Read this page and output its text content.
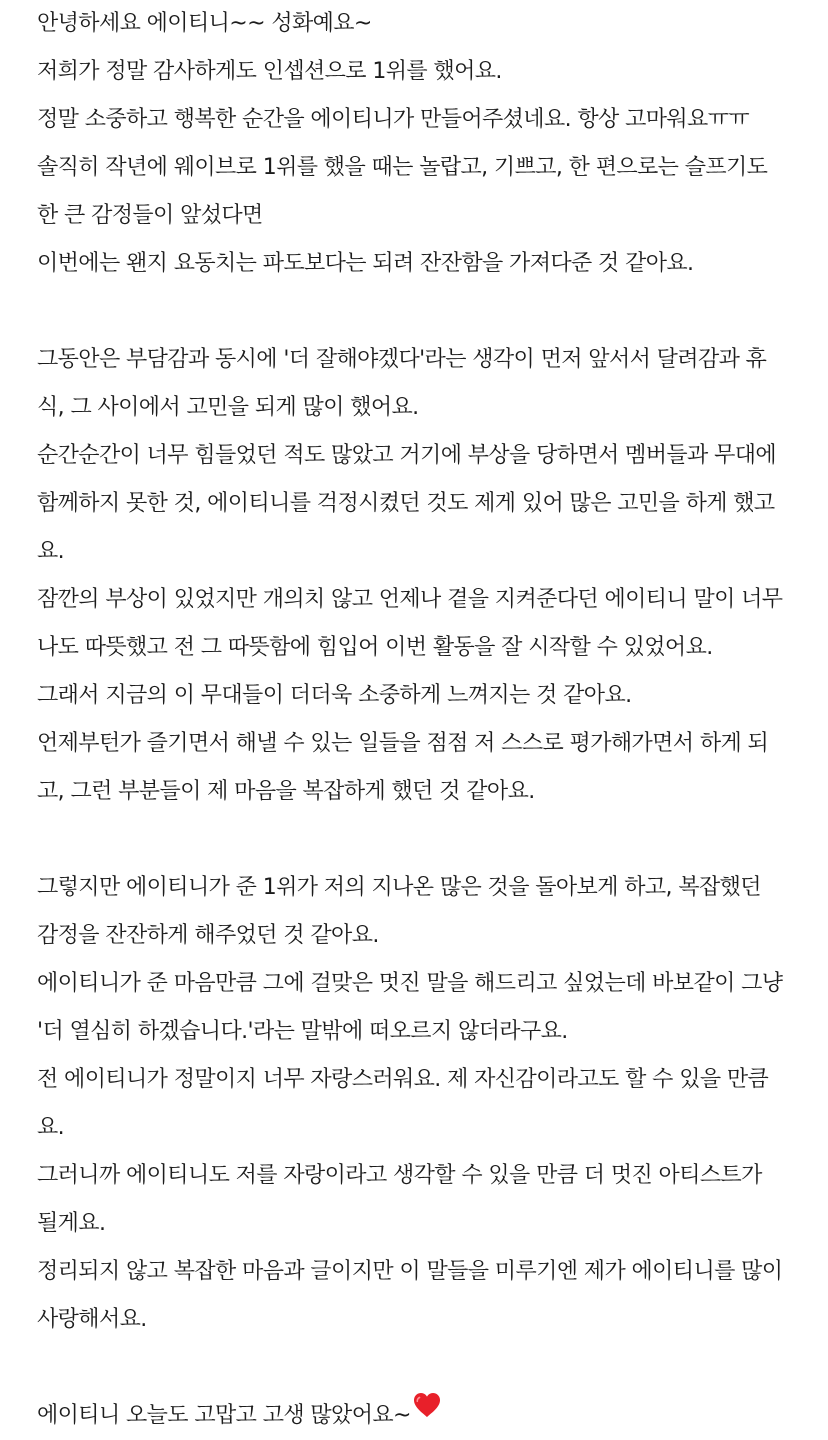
안녕하세요 에이티니~~ 성화예요~
저희가 정말 감사하게도 인셉션으로 1위를 했어요.
정말 소중하고 행복한 순간을 에이티니가 만들어주셨네요. 항상 고마워요ㅠㅠ
솔직히 작년에 웨이브로 1위를 했을 때는 놀랍고, 기쁘고, 한 편으로는 슬프기도
한 큰 감정들이 앞섰다면
이번에는 왠지 요동치는 파도보다는 되려 잔잔함을 가져다준 것 같아요.
그동안은 부담감과 동시에 '더 잘해야겠다'라는 생각이 먼저 앞서서 달려감과 휴
식, 그 사이에서 고민을 되게 많이 했어요.
순간순간이 너무 힘들었던 적도 많았고 거기에 부상을 당하면서 멤버들과 무대에
함께하지 못한 것, 에이티니를 걱정시켰던 것도 제게 있어 많은 고민을 하게 했고
요.
잠깐의 부상이 있었지만 개의치 않고 언제나 곁을 지켜준다던 에이티니 말이 너무
나도 따뜻했고 전 그 따뜻함에 힘입어 이번 활동을 잘 시작할 수 있었어요.
그래서 지금의 이 무대들이 더더욱 소중하게 느껴지는 것 같아요.
언제부턴가 즐기면서 해낼 수 있는 일들을 점점 저 스스로 평가해가면서 하게 되
고, 그런 부분들이 제 마음을 복잡하게 했던 것 같아요.
그렇지만 에이티니가 준 1위가 저의 지나온 많은 것을 돌아보게 하고, 복잡했던
감정을 잔잔하게 해주었던 것 같아요.
에이티니가 준 마음만큼 그에 걸맞은 멋진 말을 해드리고 싶었는데 바보같이 그냥
'더 열심히 하겠습니다.'라는 말밖에 떠오르지 않더라구요.
전 에이티니가 정말이지 너무 자랑스러워요. 제 자신감이라고도 할 수 있을 만큼
요.
그러니까 에이티니도 저를 자랑이라고 생각할 수 있을 만큼 더 멋진 아티스트가
될게요.
정리되지 않고 복잡한 마음과 글이지만 이 말들을 미루기엔 제가 에이티니를 많이
사랑해서요.
에이티니 오늘도 고맙고 고생 많았어요~
